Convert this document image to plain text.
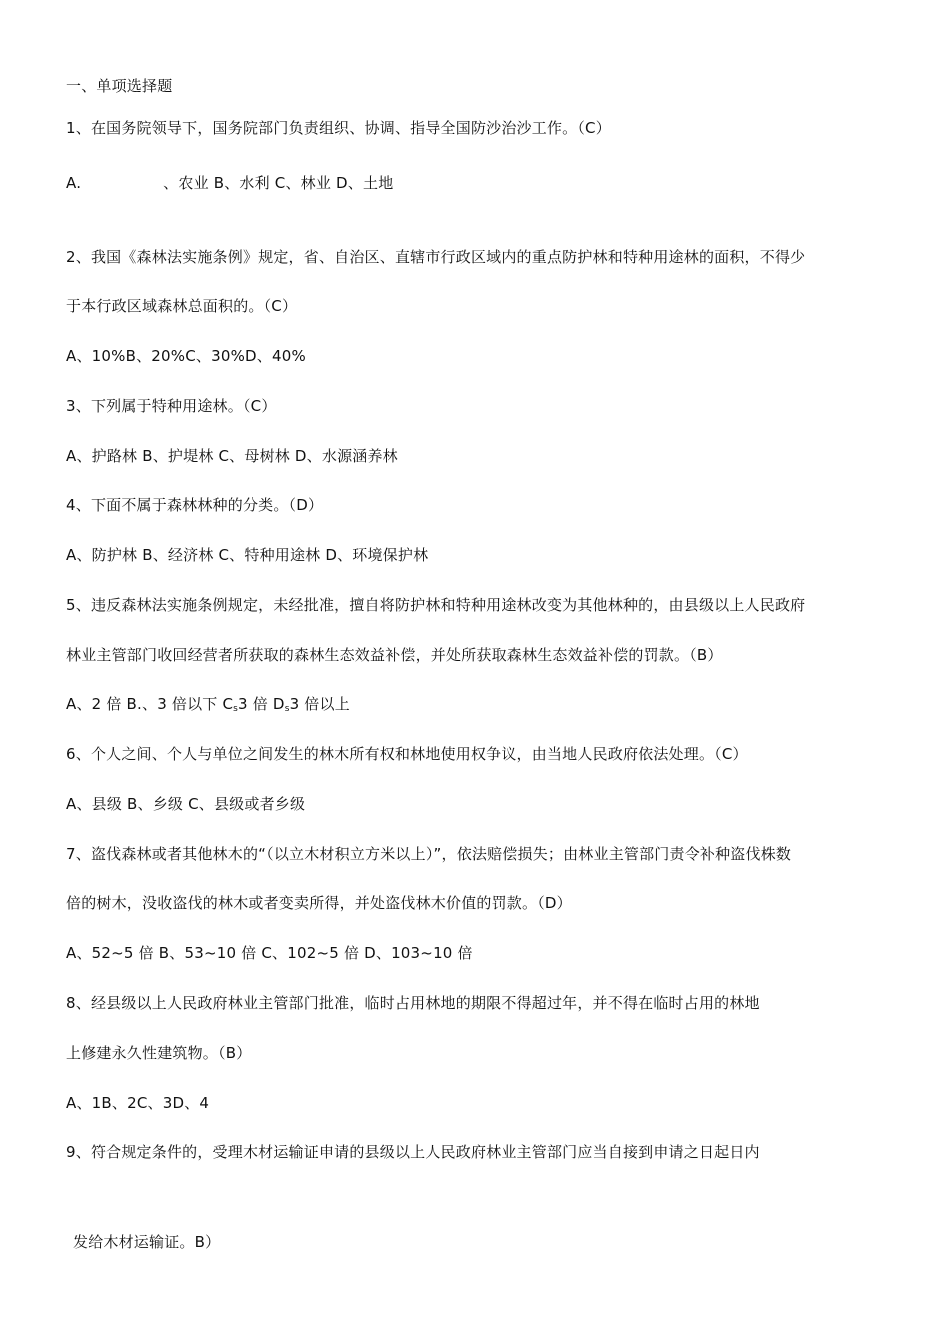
一、单项选择题
1、在国务院领导下，国务院部门负责组织、协调、指导全国防沙治沙工作。（C）
A.	、农业 B、水利 C、林业 D、土地
2、我国《森林法实施条例》规定，省、自治区、直辖市行政区域内的重点防护林和特种用途林的面积，不得少
于本行政区域森林总面积的。（C）
A、10%B、20%C、30%D、40%
3、下列属于特种用途林。（C）
A、护路林 B、护堤林 C、母树林 D、水源涵养林
4、下面不属于森林林种的分类。（D）
A、防护林 B、经济林 C、特种用途林 D、环境保护林
5、违反森林法实施条例规定，未经批准，擅自将防护林和特种用途林改变为其他林种的，由县级以上人民政府
林业主管部门收回经营者所获取的森林生态效益补偿，并处所获取森林生态效益补偿的罚款。（B）
A、2 倍 B.、3 倍以下 $C_s3$ 倍 $D_s3$ 倍以上
6、个人之间、个人与单位之间发生的林木所有权和林地使用权争议，由当地人民政府依法处理。（C）
A、县级 B、乡级 C、县级或者乡级
7、盗伐森林或者其他林木的“（以立木材积立方米以上）”，依法赔偿损失；由林业主管部门责令补种盗伐株数
倍的树木，没收盗伐的林木或者变卖所得，并处盗伐林木价值的罚款。（D）
A、52~5 倍 B、53~10 倍 C、102~5 倍 D、103~10 倍
8、经县级以上人民政府林业主管部门批准，临时占用林地的期限不得超过年，并不得在临时占用的林地
上修建永久性建筑物。（B）
A、1B、2C、3D、4
9、符合规定条件的，受理木材运输证申请的县级以上人民政府林业主管部门应当自接到申请之日起日内
发给木材运输证。B）
